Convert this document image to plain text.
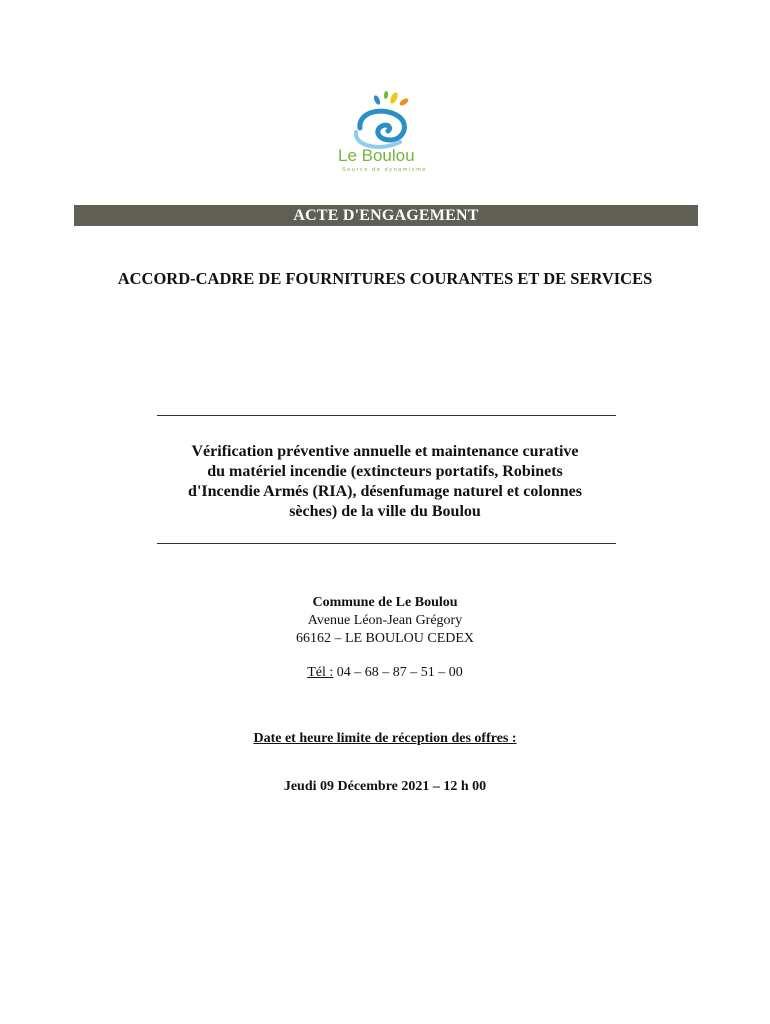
Le Boulou
Source de dynamisme
ACTE D'ENGAGEMENT
ACCORD-CADRE DE FOURNITURES COURANTES ET DE SERVICES
Vérification préventive annuelle et maintenance curative
du matériel incendie (extincteurs portatifs, Robinets
d'Incendie Armés (RIA), désenfumage naturel et colonnes
sèches) de la ville du Boulou
Commune de Le Boulou
Avenue Léon-Jean Grégory
66162 – LE BOULOU CEDEX
Tél : 04 – 68 – 87 – 51 – 00
Date et heure limite de réception des offres :
Jeudi 09 Décembre 2021 – 12 h 00
